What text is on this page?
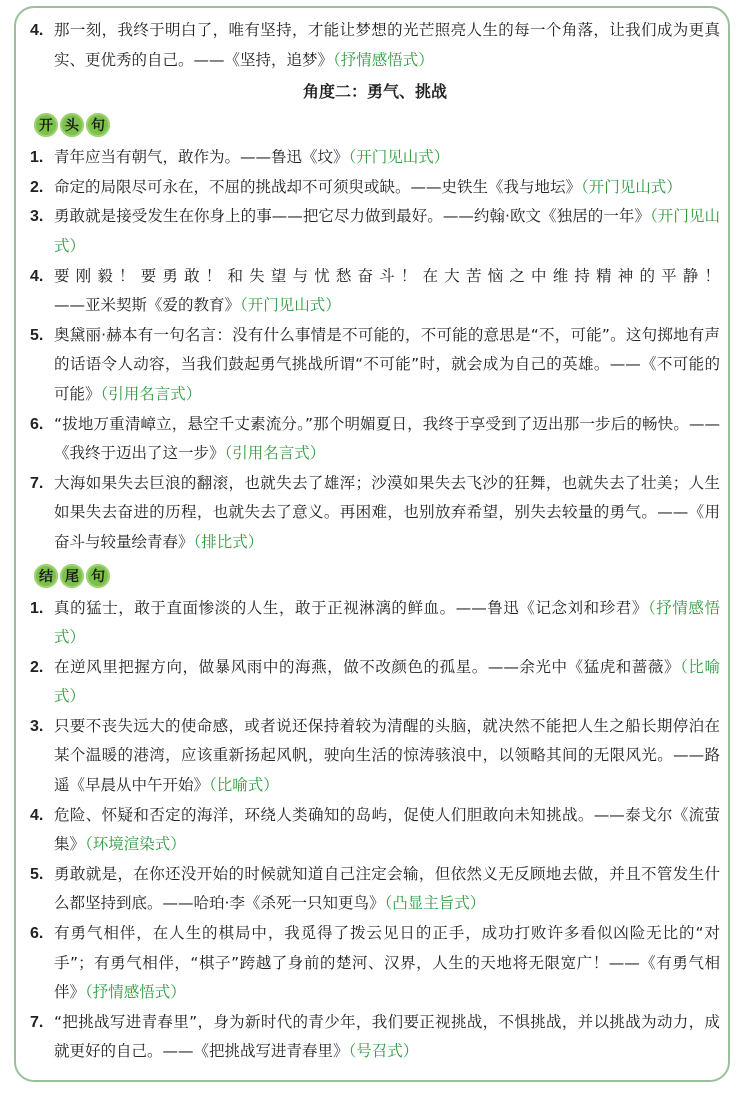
4. 那一刻，我终于明白了，唯有坚持，才能让梦想的光芒照亮人生的每一个角落，让我们成为更真实、更优秀的自己。——《坚持，追梦》（抒情感悟式）
角度二：勇气、挑战
开 头 句
1. 青年应当有朝气，敢作为。——鲁迅《坟》（开门见山式）
2. 命定的局限尽可永在，不屈的挑战却不可须臾或缺。——史铁生《我与地坛》（开门见山式）
3. 勇敢就是接受发生在你身上的事——把它尽力做到最好。——约翰·欧文《独居的一年》（开门见山式）
4. 要刚毅！要勇敢！和失望与忧愁奋斗！在大苦恼之中维持精神的平静！——亚米契斯《爱的教育》（开门见山式）
5. 奥黛丽·赫本有一句名言：没有什么事情是不可能的，不可能的意思是“不，可能”。这句掷地有声的话语令人动容，当我们鼓起勇气挑战所谓“不可能”时，就会成为自己的英雄。——《不可能的可能》（引用名言式）
6. “拔地万重清嶂立，悬空千丈素流分。”那个明媚夏日，我终于享受到了迈出那一步后的畅快。——《我终于迈出了这一步》（引用名言式）
7. 大海如果失去巨浪的翻滚，也就失去了雄浑；沙漠如果失去飞沙的狂舞，也就失去了壮美；人生如果失去奋进的历程，也就失去了意义。再困难，也别放弃希望，别失去较量的勇气。——《用奋斗与较量绘青春》（排比式）
结 尾 句
1. 真的猛士，敢于直面惨淡的人生，敢于正视淋漓的鲜血。——鲁迅《记念刘和珍君》（抒情感悟式）
2. 在逆风里把握方向，做暴风雨中的海燕，做不改颜色的孤星。——余光中《猛虎和蔷薇》（比喻式）
3. 只要不丧失远大的使命感，或者说还保持着较为清醒的头脑，就决然不能把人生之船长期停泊在某个温暖的港湾，应该重新扬起风帆，驶向生活的惊涛骇浪中，以领略其间的无限风光。——路遥《早晨从中午开始》（比喻式）
4. 危险、怀疑和否定的海洋，环绕人类确知的岛屿，促使人们胆敢向未知挑战。——泰戈尔《流萤集》（环境渲染式）
5. 勇敢就是，在你还没开始的时候就知道自己注定会输，但依然义无反顾地去做，并且不管发生什么都坚持到底。——哈珀·李《杀死一只知更鸟》（凸显主旨式）
6. 有勇气相伴，在人生的棋局中，我觅得了拨云见日的正手，成功打败许多看似凶险无比的“对手”；有勇气相伴，“棋子”跨越了身前的楚河、汉界，人生的天地将无限宽广！——《有勇气相伴》（抒情感悟式）
7. “把挑战写进青春里”，身为新时代的青少年，我们要正视挑战，不惧挑战，并以挑战为动力，成就更好的自己。——《把挑战写进青春里》（号召式）
